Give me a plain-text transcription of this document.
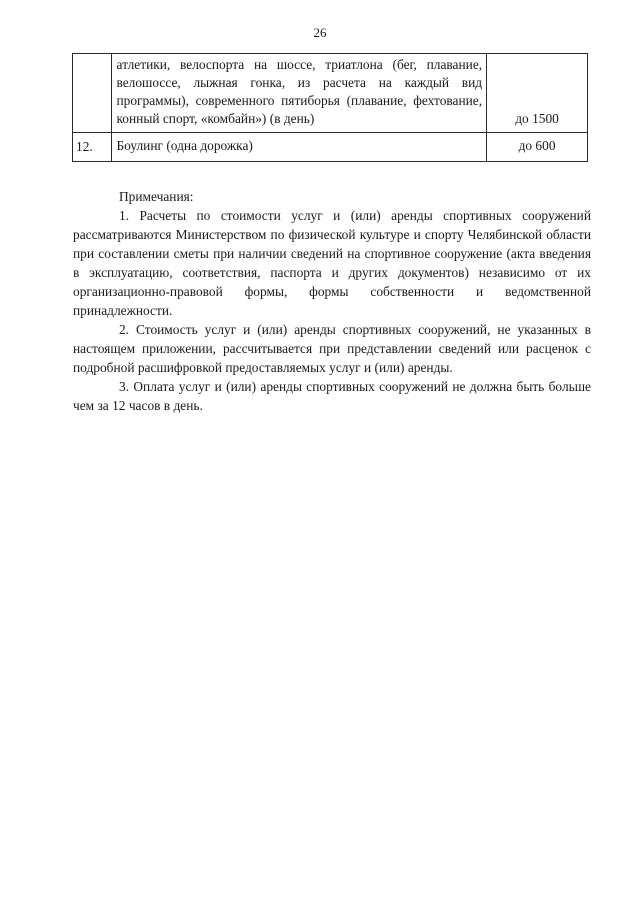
26
	атлетики, велоспорта на шоссе, триатлона (бег, плавание, велошоссе, лыжная гонка, из расчета на каждый вид программы), современного пятиборья (плавание, фехтование, конный спорт, «комбайн») (в день)	до 1500
12.	Боулинг (одна дорожка)	до 600

Примечания:

1. Расчеты по стоимости услуг и (или) аренды спортивных сооружений рассматриваются Министерством по физической культуре и спорту Челябинской области при составлении сметы при наличии сведений на спортивное сооружение (акта введения в эксплуатацию, соответствия, паспорта и других документов) независимо от их организационно-правовой формы, формы собственности и ведомственной принадлежности.

2. Стоимость услуг и (или) аренды спортивных сооружений, не указанных в настоящем приложении, рассчитывается при представлении сведений или расценок с подробной расшифровкой предоставляемых услуг и (или) аренды.

3. Оплата услуг и (или) аренды спортивных сооружений не должна быть больше чем за 12 часов в день.
